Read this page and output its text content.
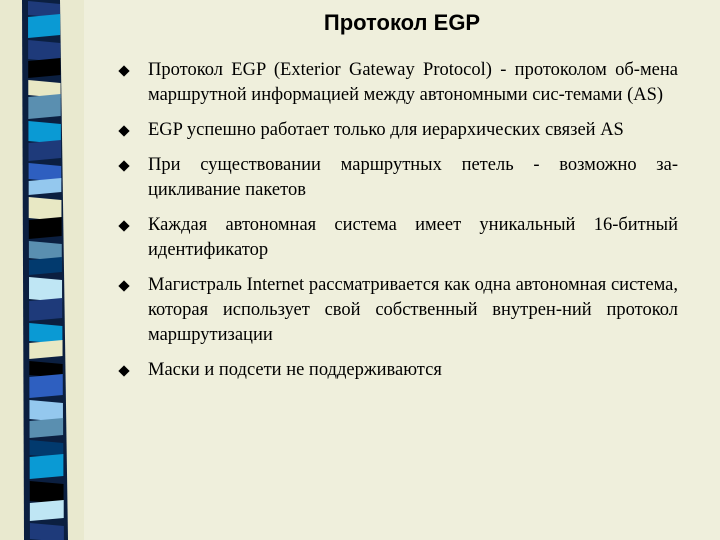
Протокол EGP
Протокол EGP (Exterior Gateway Protocol) - протоколом об-мена маршрутной информацией между автономными сис-темами (AS)
EGP успешно работает только для иерархических связей AS
При существовании маршрутных петель - возможно за-цикливание пакетов
Каждая автономная система имеет уникальный 16-битный идентификатор
Магистраль Internet рассматривается как одна автономная система, которая использует свой собственный внутрен-ний протокол маршрутизации
Маски и подсети не поддерживаются
